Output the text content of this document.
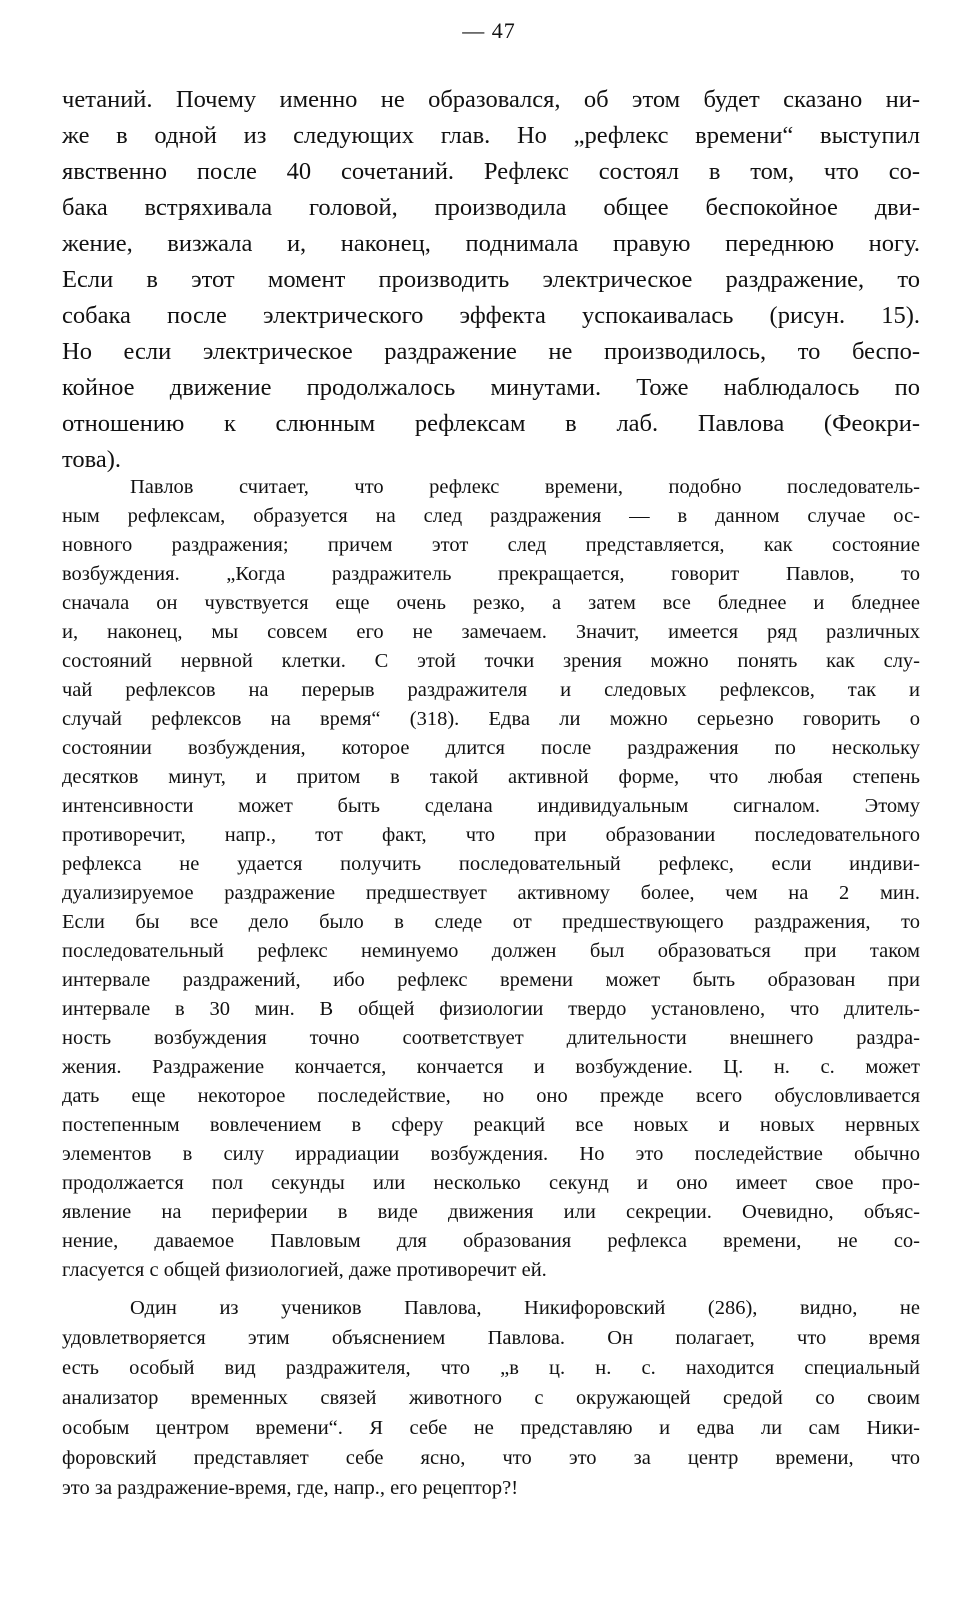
— 47
четаний. Почему именно не образовался, об этом будет сказано ни-
же в одной из следующих глав. Но „рефлекс времени“ выступил
явственно после 40 сочетаний. Рефлекс состоял в том, что со-
бака встряхивала головой, производила общее беспокойное дви-
жение, визжала и, наконец, поднимала правую переднюю ногу.
Если в этот момент производить электрическое раздражение, то
собака после электрического эффекта успокаивалась (рисун. 15).
Но если электрическое раздражение не производилось, то беспо-
койное движение продолжалось минутами. Тоже наблюдалось по
отношению к слюнным рефлексам в лаб. Павлова (Феокри-
това).
Павлов считает, что рефлекс времени, подобно последователь-
ным рефлексам, образуется на след раздражения — в данном случае ос-
новного раздражения; причем этот след представляется, как состояние
возбуждения. „Когда раздражитель прекращается, говорит Павлов, то
сначала он чувствуется еще очень резко, а затем все бледнее и бледнее
и, наконец, мы совсем его не замечаем. Значит, имеется ряд различных
состояний нервной клетки. С этой точки зрения можно понять как слу-
чай рефлексов на перерыв раздражителя и следовых рефлексов, так и
случай рефлексов на время“ (318). Едва ли можно серьезно говорить о
состоянии возбуждения, которое длится после раздражения по нескольку
десятков минут, и притом в такой активной форме, что любая степень
интенсивности может быть сделана индивидуальным сигналом. Этому
противоречит, напр., тот факт, что при образовании последовательного
рефлекса не удается получить последовательный рефлекс, если индиви-
дуализируемое раздражение предшествует активному более, чем на 2 мин.
Если бы все дело было в следе от предшествующего раздражения, то
последовательный рефлекс неминуемо должен был образоваться при таком
интервале раздражений, ибо рефлекс времени может быть образован при
интервале в 30 мин. В общей физиологии твердо установлено, что длитель-
ность возбуждения точно соответствует длительности внешнего раздра-
жения. Раздражение кончается, кончается и возбуждение. Ц. н. с. может
дать еще некоторое последействие, но оно прежде всего обусловливается
постепенным вовлечением в сферу реакций все новых и новых нервных
элементов в силу иррадиации возбуждения. Но это последействие обычно
продолжается пол секунды или несколько секунд и оно имеет свое про-
явление на периферии в виде движения или секреции. Очевидно, объяс-
нение, даваемое Павловым для образования рефлекса времени, не со-
гласуется с общей физиологией, даже противоречит ей.
Один из учеников Павлова, Никифоровский (286), видно, не
удовлетворяется этим объяснением Павлова. Он полагает, что время
есть особый вид раздражителя, что „в ц. н. с. находится специальный
анализатор временных связей животного с окружающей средой со своим
особым центром времени“. Я себе не представляю и едва ли сам Ники-
форовский представляет себе ясно, что это за центр времени, что
это за раздражение-время, где, напр., его рецептор?!
